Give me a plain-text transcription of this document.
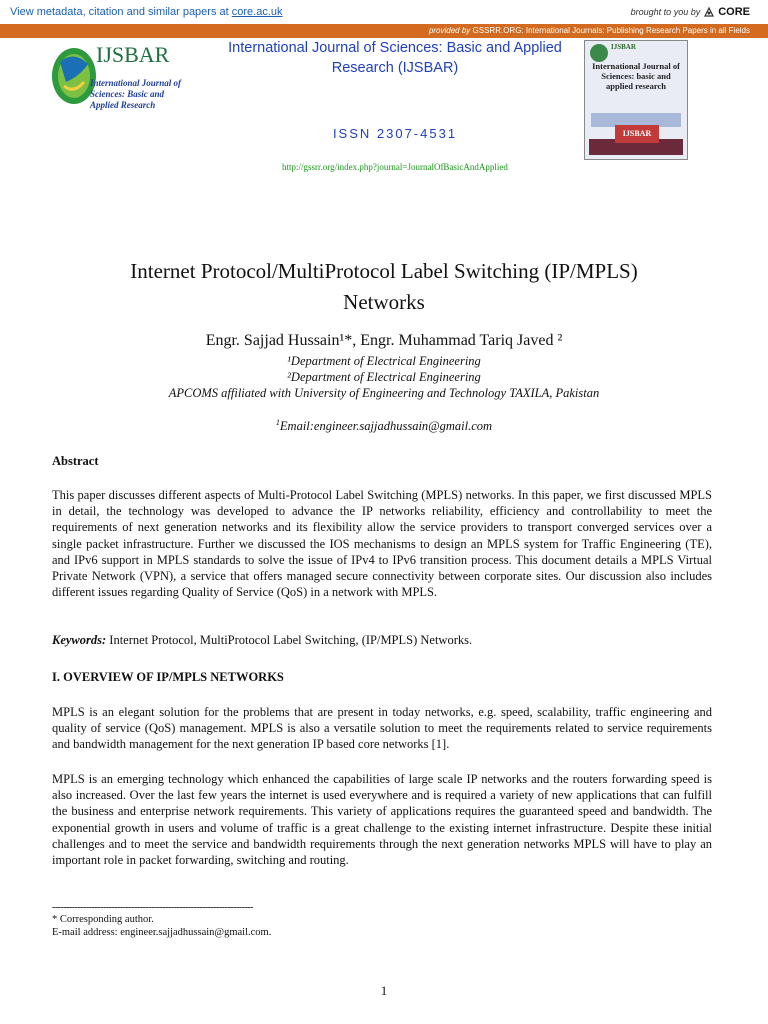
View metadata, citation and similar papers at core.ac.uk	brought to you by CORE
provided by GSSRR.ORG: International Journals: Publishing Research Papers in all Fields
IJSBAR
International Journal of Sciences: Basic and Applied Research
International Journal of Sciences: Basic and Applied Research (IJSBAR)
ISSN 2307-4531
http://gssrr.org/index.php?journal=JournalOfBasicAndApplied
IJSBAR
International Journal of Sciences: basic and applied research
IJSBAR
Internet Protocol/MultiProtocol Label Switching (IP/MPLS)
Networks
Engr. Sajjad Hussain¹*, Engr. Muhammad Tariq Javed ²
¹Department of Electrical Engineering
²Department of Electrical Engineering
APCOMS affiliated with University of Engineering and Technology TAXILA, Pakistan
$^1$Email:engineer.sajjadhussain@gmail.com
Abstract
This paper discusses different aspects of Multi-Protocol Label Switching (MPLS) networks. In this paper, we first discussed MPLS in detail, the technology was developed to advance the IP networks reliability, efficiency and controllability to meet the requirements of next generation networks and its flexibility allow the service providers to transport converged services over a single packet infrastructure. Further we discussed the IOS mechanisms to design an MPLS system for Traffic Engineering (TE), and IPv6 support in MPLS standards to solve the issue of IPv4 to IPv6 transition process. This document details a MPLS Virtual Private Network (VPN), a service that offers managed secure connectivity between corporate sites. Our discussion also includes different issues regarding Quality of Service (QoS) in a network with MPLS.
Keywords: Internet Protocol, MultiProtocol Label Switching, (IP/MPLS) Networks.
I. OVERVIEW OF IP/MPLS NETWORKS
MPLS is an elegant solution for the problems that are present in today networks, e.g. speed, scalability, traffic engineering and quality of service (QoS) management. MPLS is also a versatile solution to meet the requirements related to service requirements and bandwidth management for the next generation IP based core networks [1].
MPLS is an emerging technology which enhanced the capabilities of large scale IP networks and the routers forwarding speed is also increased. Over the last few years the internet is used everywhere and is required a variety of new applications that can fulfill the business and enterprise network requirements. This variety of applications requires the guaranteed speed and bandwidth. The exponential growth in users and volume of traffic is a great challenge to the existing internet infrastructure. Despite these initial challenges and to meet the service and bandwidth requirements through the next generation networks MPLS will have to play an important role in packet forwarding, switching and routing.
-----------------------------------------------------------------------
* Corresponding author.
E-mail address: engineer.sajjadhussain@gmail.com.
1
